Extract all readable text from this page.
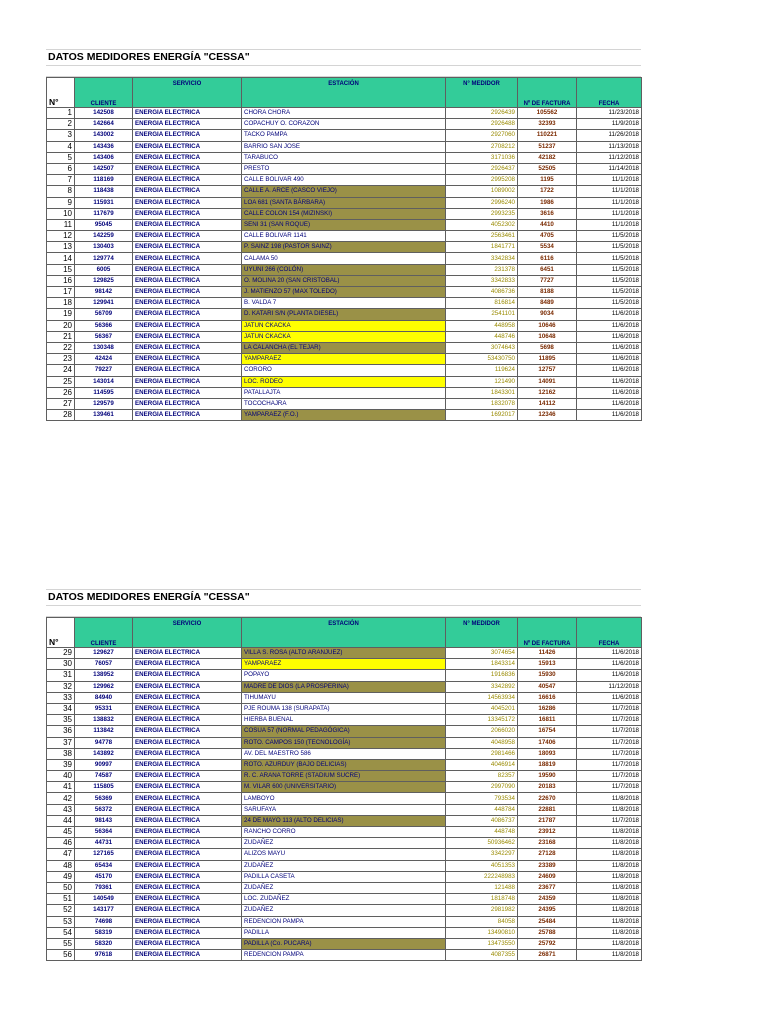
DATOS MEDIDORES ENERGÍA "CESSA"
N°	CLIENTE	SERVICIO	ESTACIÓN	N° MEDIDOR	Nº DE FACTURA	FECHA
1	142508	ENERGIA ELECTRICA	CHORA CHORA	2926439	105562	11/23/2018
2	142664	ENERGIA ELECTRICA	COPACHUY O. CORAZON	2926488	32393	11/9/2018
3	143002	ENERGIA ELECTRICA	TACKO PAMPA	2927060	110221	11/26/2018
4	143436	ENERGIA ELECTRICA	BARRIO SAN JOSE	2708212	51237	11/13/2018
5	143406	ENERGIA ELECTRICA	TARABUCO	3171036	42182	11/12/2018
6	142507	ENERGIA ELECTRICA	PRESTO	2926437	52505	11/14/2018
7	118169	ENERGIA ELECTRICA	CALLE BOLIVAR 490	2995208	1195	11/1/2018
8	118438	ENERGIA ELECTRICA	CALLE A. ARCE (CASCO VIEJO)	1089002	1722	11/1/2018
9	115931	ENERGIA ELECTRICA	LOA 681 (SANTA BÁRBARA)	2996240	1986	11/1/2018
10	117679	ENERGIA ELECTRICA	CALLE COLON 154 (MIZINSKI)	2993235	3616	11/1/2018
11	95045	ENERGIA ELECTRICA	SENI 31 (SAN ROQUE)	4052302	4410	11/1/2018
12	142259	ENERGIA ELECTRICA	CALLE BOLIVAR 1141	2563461	4705	11/5/2018
13	130403	ENERGIA ELECTRICA	P. SAINZ 198 (PASTOR SAINZ)	1841771	5534	11/5/2018
14	129774	ENERGIA ELECTRICA	CALAMA 50	3342834	6116	11/5/2018
15	6005	ENERGIA ELECTRICA	UYUNI 266 (COLÓN)	231378	6451	11/5/2018
16	129825	ENERGIA ELECTRICA	O. MOLINA 20 (SAN CRISTOBAL)	3342833	7727	11/5/2018
17	98142	ENERGIA ELECTRICA	J. MATIENZO 57 (MAX TOLEDO)	4086736	8188	11/5/2018
18	129941	ENERGIA ELECTRICA	B. VALDA 7	816814	8489	11/5/2018
19	56709	ENERGIA ELECTRICA	D. KATARI S/N (PLANTA DIESEL)	2541101	9034	11/6/2018
20	56366	ENERGIA ELECTRICA	JATUN CKACKA	448958	10646	11/6/2018
21	56367	ENERGIA ELECTRICA	JATUN CKACKA	448746	10648	11/6/2018
22	130348	ENERGIA ELECTRICA	LA CALANCHA (EL TEJAR)	3074643	5698	11/6/2018
23	42424	ENERGIA ELECTRICA	YAMPARAEZ	53430750	11895	11/6/2018
24	79227	ENERGIA ELECTRICA	CORORO	119624	12757	11/6/2018
25	143014	ENERGIA ELECTRICA	LOC. RODEO	121490	14091	11/6/2018
26	114595	ENERGIA ELECTRICA	PATALLAJTA	1843301	12162	11/6/2018
27	129579	ENERGIA ELECTRICA	TOCOCHAJRA	1832078	14112	11/6/2018
28	139461	ENERGIA ELECTRICA	YAMPARAEZ (F.O.)	1692017	12346	11/6/2018
DATOS MEDIDORES ENERGÍA "CESSA"
N°	CLIENTE	SERVICIO	ESTACIÓN	N° MEDIDOR	Nº DE FACTURA	FECHA
29	129627	ENERGIA ELECTRICA	VILLA S. ROSA (ALTO ARANJUEZ)	3074654	11426	11/6/2018
30	76057	ENERGIA ELECTRICA	YAMPARAEZ	1843314	15913	11/6/2018
31	138952	ENERGIA ELECTRICA	POPAYO	1916836	15930	11/6/2018
32	129962	ENERGIA ELECTRICA	MADRE DE DIOS (LA PROSPERINA)	3342892	40547	11/12/2018
33	84940	ENERGIA ELECTRICA	TIHUMAYU	14563934	16616	11/6/2018
34	95331	ENERGIA ELECTRICA	PJE ROUMA 138 (SURAPATA)	4045201	16286	11/7/2018
35	138832	ENERGIA ELECTRICA	HIERBA BUENAL	13345172	16811	11/7/2018
36	113842	ENERGIA ELECTRICA	COSUA 57 (NORMAL PEDAGÓGICA)	2066020	16754	11/7/2018
37	94778	ENERGIA ELECTRICA	ROTO. CAMPOS 150 (TECNOLOGÍA)	4048958	17406	11/7/2018
38	143892	ENERGIA ELECTRICA	AV. DEL MAESTRO 586	2981466	18093	11/7/2018
39	90997	ENERGIA ELECTRICA	ROTO. AZURDUY (BAJO DELICIAS)	4046914	18819	11/7/2018
40	74587	ENERGIA ELECTRICA	R. C. ARANA TORRE (STADIUM SUCRE)	82357	19590	11/7/2018
41	115805	ENERGIA ELECTRICA	M. VILAR 600 (UNIVERSITARIO)	2997090	20183	11/7/2018
42	56369	ENERGIA ELECTRICA	LAMBOYO	793534	22670	11/8/2018
43	56372	ENERGIA ELECTRICA	SARUFAYA	448784	22881	11/8/2018
44	98143	ENERGIA ELECTRICA	24 DE MAYO 113 (ALTO DELICIAS)	4086737	21787	11/7/2018
45	56364	ENERGIA ELECTRICA	RANCHO CORRO	448748	23912	11/8/2018
46	44731	ENERGIA ELECTRICA	ZUDAÑEZ	50936462	23168	11/8/2018
47	127165	ENERGIA ELECTRICA	ALIZOS MAYU	3342297	27128	11/8/2018
48	65434	ENERGIA ELECTRICA	ZUDAÑEZ	4051353	23389	11/8/2018
49	45170	ENERGIA ELECTRICA	PADILLA CASETA	222248983	24609	11/8/2018
50	79361	ENERGIA ELECTRICA	ZUDAÑEZ	121488	23677	11/8/2018
51	140549	ENERGIA ELECTRICA	LOC. ZUDAÑEZ	1818748	24359	11/8/2018
52	143177	ENERGIA ELECTRICA	ZUDAÑEZ	2981982	24395	11/8/2018
53	74698	ENERGIA ELECTRICA	REDENCION PAMPA	84058	25484	11/8/2018
54	58319	ENERGIA ELECTRICA	PADILLA	13490810	25788	11/8/2018
55	58320	ENERGIA ELECTRICA	PADILLA (Co. PUCARA)	13473550	25792	11/8/2018
56	97618	ENERGIA ELECTRICA	REDENCION PAMPA	4087355	26871	11/8/2018
